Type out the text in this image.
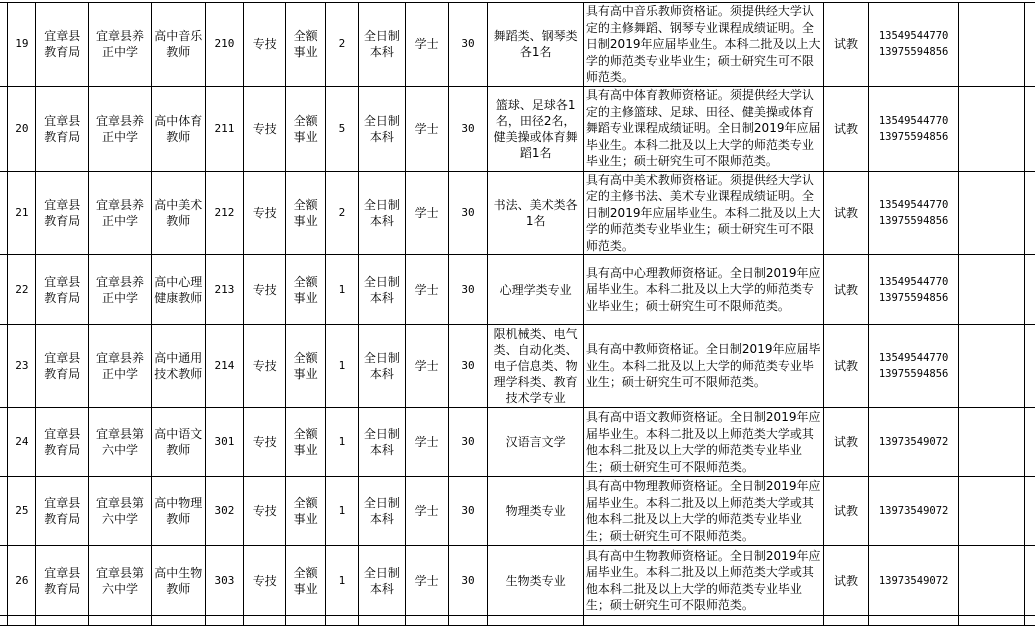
	19	宜章县教育局	宜章县养正中学	高中音乐教师	210	专技	全额事业	2	全日制本科	学士	30	舞蹈类、钢琴类各1名	具有高中音乐教师资格证。须提供经大学认定的主修舞蹈、钢琴专业课程成绩证明。全日制2019年应届毕业生。本科二批及以上大学的师范类专业毕业生；硕士研究生可不限师范类。	试教	13549544770
13975594856		

	20	宜章县教育局	宜章县养正中学	高中体育教师	211	专技	全额事业	5	全日制本科	学士	30	篮球、足球各1名，田径2名，健美操或体育舞蹈1名	具有高中体育教师资格证。须提供经大学认定的主修篮球、足球、田径、健美操或体育舞蹈专业课程成绩证明。全日制2019年应届毕业生。本科二批及以上大学的师范类专业毕业生；硕士研究生可不限师范类。	试教	13549544770
13975594856		

	21	宜章县教育局	宜章县养正中学	高中美术教师	212	专技	全额事业	2	全日制本科	学士	30	书法、美术类各1名	具有高中美术教师资格证。须提供经大学认定的主修书法、美术专业课程成绩证明。全日制2019年应届毕业生。本科二批及以上大学的师范类专业毕业生；硕士研究生可不限师范类。	试教	13549544770
13975594856		

	22	宜章县教育局	宜章县养正中学	高中心理健康教师	213	专技	全额事业	1	全日制本科	学士	30	心理学类专业	具有高中心理教师资格证。全日制2019年应届毕业生。本科二批及以上大学的师范类专业毕业生；硕士研究生可不限师范类。	试教	13549544770
13975594856		

	23	宜章县教育局	宜章县养正中学	高中通用技术教师	214	专技	全额事业	1	全日制本科	学士	30	限机械类、电气类、自动化类、电子信息类、物理学科类、教育技术学专业	具有高中教师资格证。全日制2019年应届毕业生。本科二批及以上大学的师范类专业毕业生；硕士研究生可不限师范类。	试教	13549544770
13975594856		

	24	宜章县教育局	宜章县第六中学	高中语文教师	301	专技	全额事业	1	全日制本科	学士	30	汉语言文学	具有高中语文教师资格证。全日制2019年应届毕业生。本科二批及以上师范类大学或其他本科二批及以上大学的师范类专业毕业生；硕士研究生可不限师范类。	试教	13973549072		

	25	宜章县教育局	宜章县第六中学	高中物理教师	302	专技	全额事业	1	全日制本科	学士	30	物理类专业	具有高中物理教师资格证。全日制2019年应届毕业生。本科二批及以上师范类大学或其他本科二批及以上大学的师范类专业毕业生；硕士研究生可不限师范类。	试教	13973549072		

	26	宜章县教育局	宜章县第六中学	高中生物教师	303	专技	全额事业	1	全日制本科	学士	30	生物类专业	具有高中生物教师资格证。全日制2019年应届毕业生。本科二批及以上师范类大学或其他本科二批及以上大学的师范类专业毕业生；硕士研究生可不限师范类。	试教	13973549072		
